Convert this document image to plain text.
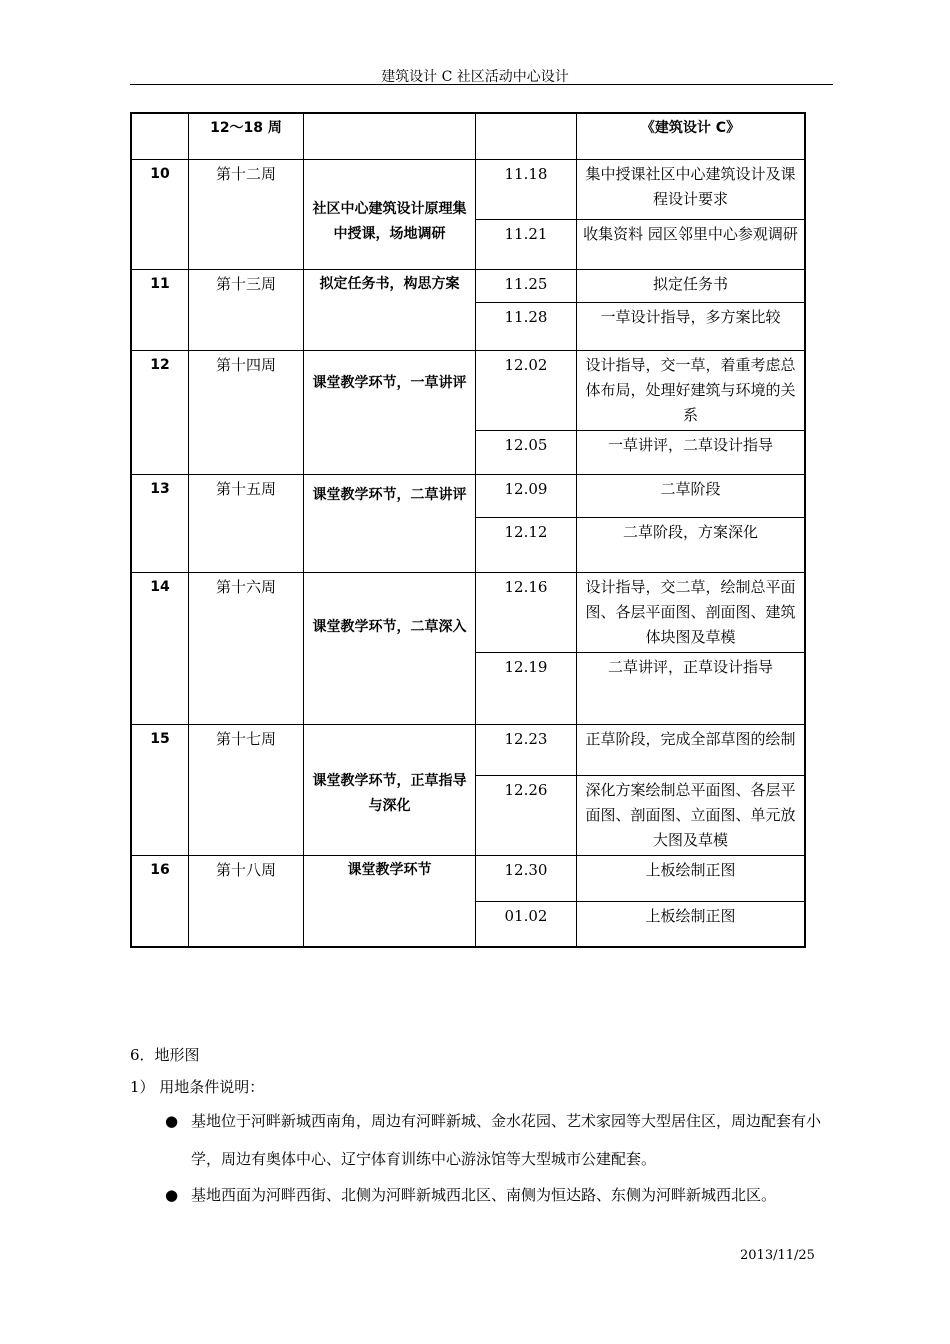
建筑设计 C 社区活动中心设计
	12〜18 周			《建筑设计 C》
10	第十二周	社区中心建筑设计原理集中授课，场地调研	11.18	集中授课社区中心建筑设计及课程设计要求
			11.21	收集资料 园区邻里中心参观调研
11	第十三周	拟定任务书，构思方案	11.25	拟定任务书
			11.28	一草设计指导，多方案比较
12	第十四周	课堂教学环节，一草讲评	12.02	设计指导，交一草，着重考虑总体布局，处理好建筑与环境的关系
			12.05	一草讲评，二草设计指导
13	第十五周	课堂教学环节，二草讲评	12.09	二草阶段
			12.12	二草阶段，方案深化
14	第十六周	课堂教学环节，二草深入	12.16	设计指导，交二草，绘制总平面图、各层平面图、剖面图、建筑体块图及草模
			12.19	二草讲评，正草设计指导
15	第十七周	课堂教学环节，正草指导与深化	12.23	正草阶段，完成全部草图的绘制
			12.26	深化方案绘制总平面图、各层平面图、剖面图、立面图、单元放大图及草模
16	第十八周	课堂教学环节	12.30	上板绘制正图
			01.02	上板绘制正图
6．地形图
1） 用地条件说明：
● 基地位于河畔新城西南角，周边有河畔新城、金水花园、艺术家园等大型居住区，周边配套有小学，周边有奥体中心、辽宁体育训练中心游泳馆等大型城市公建配套。
● 基地西面为河畔西街、北侧为河畔新城西北区、南侧为恒达路、东侧为河畔新城西北区。
2013/11/25
